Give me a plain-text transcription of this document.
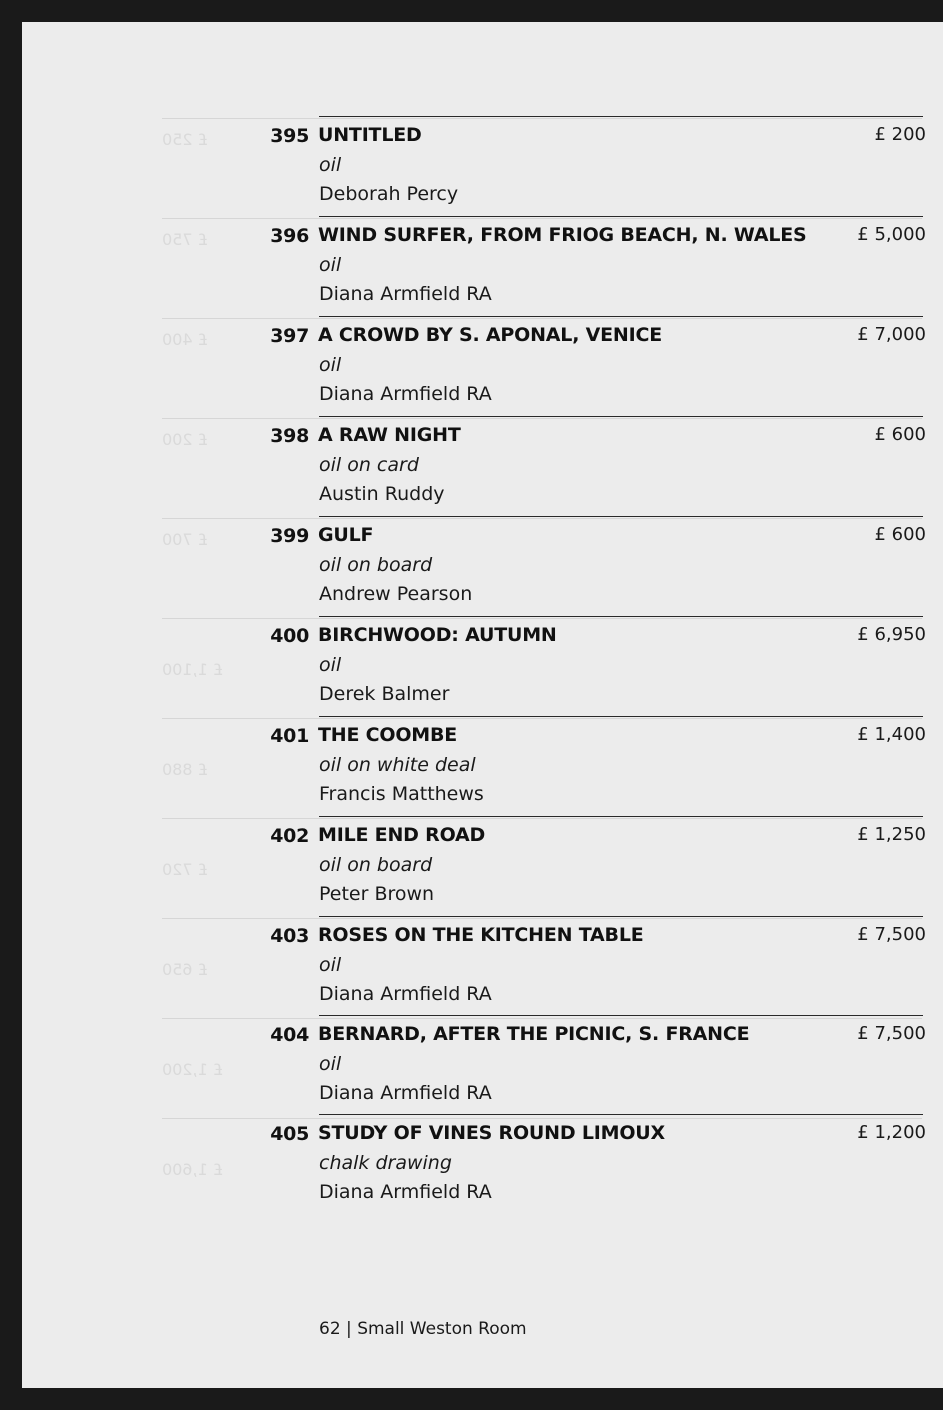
£ 250
£ 750
£ 400
£ 200
£ 700
£ 1,100
£ 880
£ 720
£ 650
£ 1,200
£ 1,600
395 UNTITLED
oil
Deborah Percy
£ 200
396 WIND SURFER, FROM FRIOG BEACH, N. WALES
oil
Diana Armfield RA
£ 5,000
397 A CROWD BY S. APONAL, VENICE
oil
Diana Armfield RA
£ 7,000
398 A RAW NIGHT
oil on card
Austin Ruddy
£ 600
399 GULF
oil on board
Andrew Pearson
£ 600
400 BIRCHWOOD: AUTUMN
oil
Derek Balmer
£ 6,950
401 THE COOMBE
oil on white deal
Francis Matthews
£ 1,400
402 MILE END ROAD
oil on board
Peter Brown
£ 1,250
403 ROSES ON THE KITCHEN TABLE
oil
Diana Armfield RA
£ 7,500
404 BERNARD, AFTER THE PICNIC, S. FRANCE
oil
Diana Armfield RA
£ 7,500
405 STUDY OF VINES ROUND LIMOUX
chalk drawing
Diana Armfield RA
£ 1,200
62 | Small Weston Room
